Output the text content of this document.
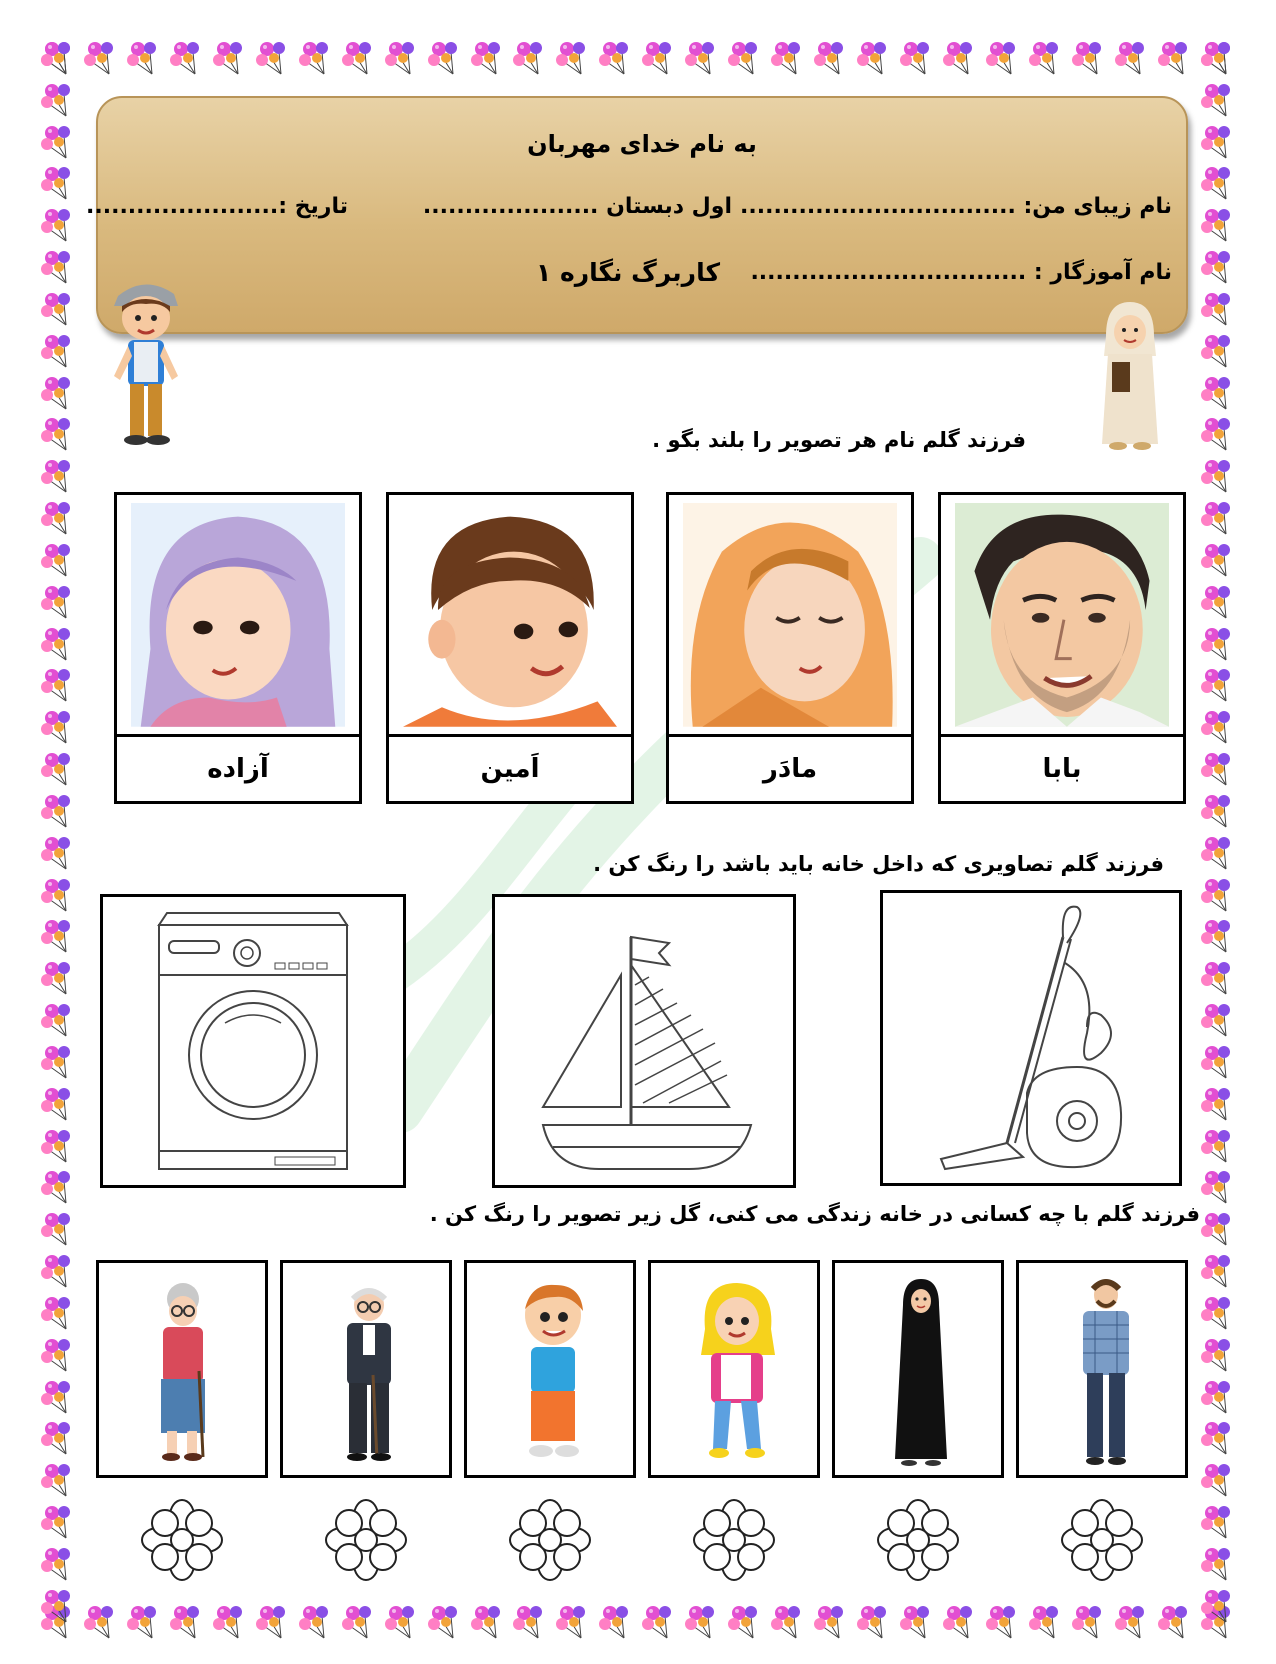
به نام خدای مهربان
نام زیبای من: .................................
اول دبستان .....................
تاریخ :.......................
نام آموزگار : .................................
کاربرگ نگاره ۱
فرزند گلم نام هر تصویر را بلند بگو .
بابا
مادَر
اَمین
آزاده
فرزند گلم تصاویری که داخل خانه باید باشد را رنگ کن .
فرزند گلم با چه کسانی در خانه زندگی می کنی، گل زیر تصویر را رنگ کن .
